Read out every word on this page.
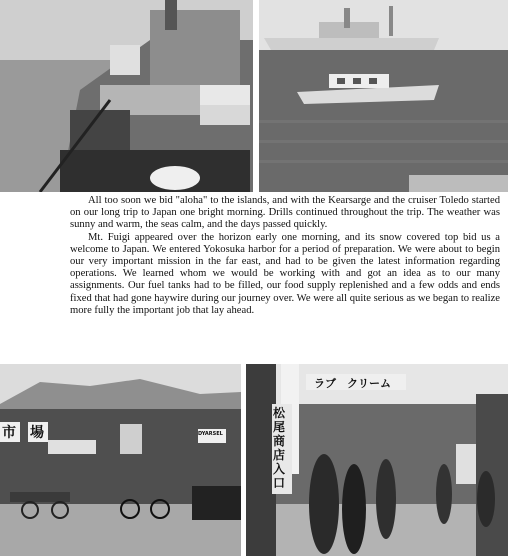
All too soon we bid "aloha" to the islands, and with the Kearsarge and the cruiser Toledo started on our long trip to Japan one bright morning. Drills continued throughout the trip. The weather was sunny and warm, the seas calm, and the days passed quickly.

Mt. Fuigi appeared over the horizon early one morning, and its snow covered top bid us a welcome to Japan. We entered Yokosuka harbor for a period of preparation. We were about to begin our very important mission in the far east, and had to be given the latest information regarding operations. We learned whom we would be working with and got an idea as to our many assignments. Our fuel tanks had to be filled, our food supply replenished and a few odds and ends fixed that had gone haywire during our journey over. We were all quite serious as we began to realize more fully the important job that lay ahead.

市 場	DYARSEL
ラブ　クリーム
松尾商店入口
